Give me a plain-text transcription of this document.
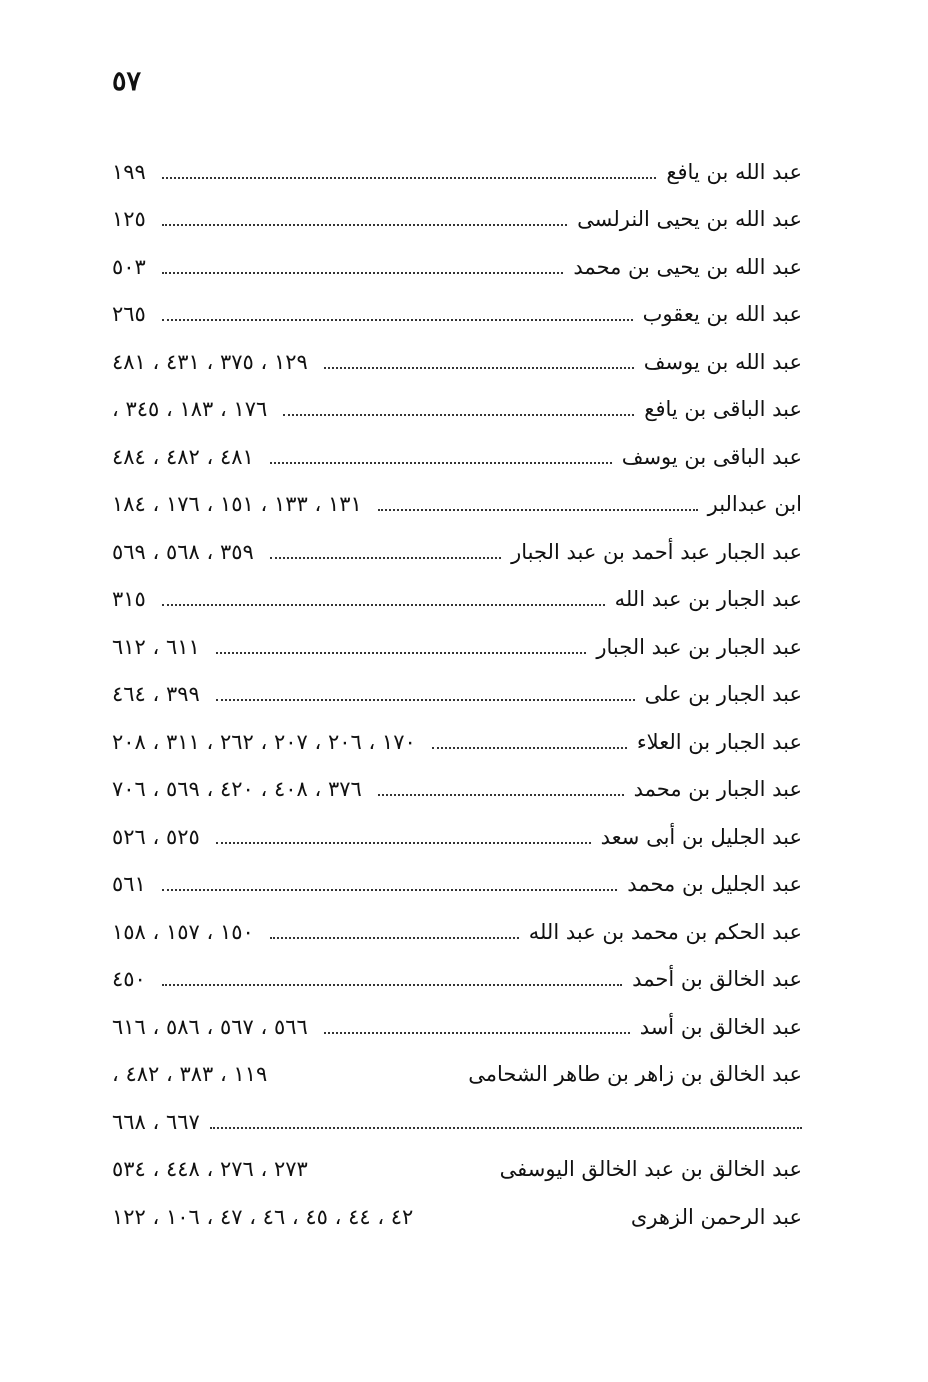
٥٧
١٩٩	عبد الله بن يافع
١٢٥	عبد الله بن يحيى النرلسى
٥٠٣	عبد الله بن يحيى بن محمد
٢٦٥	عبد الله بن يعقوب
١٢٩ ، ٣٧٥ ، ٤٣١ ، ٤٨١	عبد الله بن يوسف
١٧٦ ، ١٨٣ ، ٣٤٥ ،	عبد الباقى بن يافع
٤٨١ ، ٤٨٢ ، ٤٨٤	عبد الباقى بن يوسف
١٣١ ، ١٣٣ ، ١٥١ ، ١٧٦ ، ١٨٤	ابن عبدالبر
٣٥٩ ، ٥٦٨ ، ٥٦٩	عبد الجبار عبد أحمد بن عبد الجبار
٣١٥	عبد الجبار بن عبد الله
٦١١ ، ٦١٢	عبد الجبار بن عبد الجبار
٣٩٩ ، ٤٦٤	عبد الجبار بن على
١٧٠ ، ٢٠٦ ، ٢٠٧ ، ٢٦٢ ، ٣١١ ، ٢٠٨	عبد الجبار بن العلاء
٣٧٦ ، ٤٠٨ ، ٤٢٠ ، ٥٦٩ ، ٧٠٦	عبد الجبار بن محمد
٥٢٥ ، ٥٢٦	عبد الجليل بن أبى سعد
٥٦١	عبد الجليل بن محمد
١٥٠ ، ١٥٧ ، ١٥٨	عبد الحكم بن محمد بن عبد الله
٤٥٠	عبد الخالق بن أحمد
٥٦٦ ، ٥٦٧ ، ٥٨٦ ، ٦١٦	عبد الخالق بن أسد
١١٩ ، ٣٨٣ ، ٤٨٢ ،	عبد الخالق بن زاهر بن طاهر الشحامى
٦٦٧ ، ٦٦٨
٢٧٣ ، ٢٧٦ ، ٤٤٨ ، ٥٣٤	عبد الخالق بن عبد الخالق اليوسفى
٤٢ ، ٤٤ ، ٤٥ ، ٤٦ ، ٤٧ ، ١٠٦ ، ١٢٢	عبد الرحمن الزهرى
